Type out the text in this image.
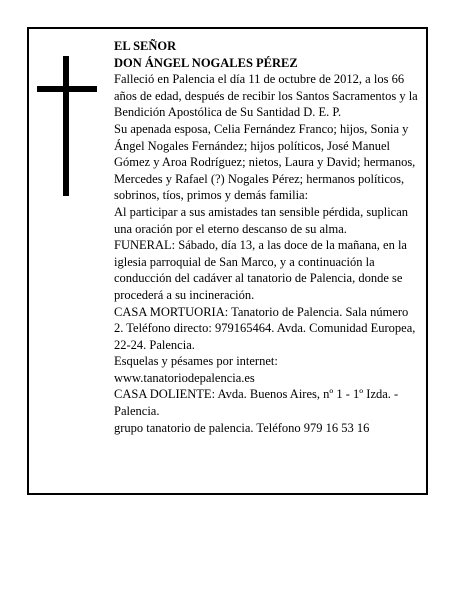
EL SEÑOR

DON ÁNGEL NOGALES PÉREZ

Falleció en Palencia el día 11 de octubre de 2012, a los 66 años de edad, después de recibir los Santos Sacramentos y la Bendición Apostólica de Su Santidad D. E. P.

Su apenada esposa, Celia Fernández Franco; hijos, Sonia y Ángel Nogales Fernández; hijos políticos, José Manuel Gómez y Aroa Rodríguez; nietos, Laura y David; hermanos, Mercedes y Rafael (?) Nogales Pérez; hermanos políticos, sobrinos, tíos, primos y demás familia:

Al participar a sus amistades tan sensible pérdida, suplican una oración por el eterno descanso de su alma.

FUNERAL: Sábado, día 13, a las doce de la mañana, en la iglesia parroquial de San Marco, y a continuación la conducción del cadáver al tanatorio de Palencia, donde se procederá a su incineración.

CASA MORTUORIA: Tanatorio de Palencia. Sala número 2. Teléfono directo: 979165464. Avda. Comunidad Europea, 22-24. Palencia.

Esquelas y pésames por internet: www.tanatoriodepalencia.es

CASA DOLIENTE: Avda. Buenos Aires, nº 1 - 1º Izda. - Palencia.

grupo tanatorio de palencia. Teléfono 979 16 53 16
